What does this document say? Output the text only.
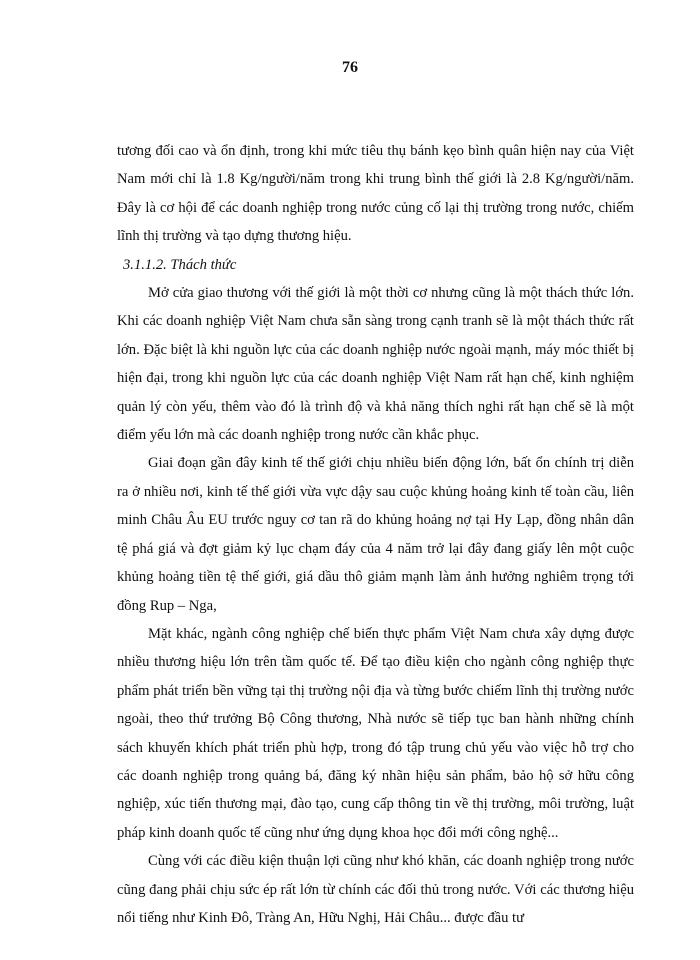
76

tương đối cao và ổn định, trong khi mức tiêu thụ bánh kẹo bình quân hiện nay của Việt Nam mới chỉ là 1.8 Kg/người/năm trong khi trung bình thế giới là 2.8 Kg/người/năm. Đây là cơ hội để các doanh nghiệp trong nước củng cố lại thị trường trong nước, chiếm lĩnh thị trường và tạo dựng thương hiệu.

3.1.1.2. Thách thức

Mở cửa giao thương với thế giới là một thời cơ nhưng cũng là một thách thức lớn. Khi các doanh nghiệp Việt Nam chưa sẵn sàng trong cạnh tranh sẽ là một thách thức rất lớn. Đặc biệt là khi nguồn lực của các doanh nghiệp nước ngoài mạnh, máy móc thiết bị hiện đại, trong khi nguồn lực của các doanh nghiệp Việt Nam rất hạn chế, kinh nghiệm quản lý còn yếu, thêm vào đó là trình độ và khả năng thích nghi rất hạn chế sẽ là một điểm yếu lớn mà các doanh nghiệp trong nước cần khắc phục.

Giai đoạn gần đây kinh tế thế giới chịu nhiều biến động lớn, bất ổn chính trị diễn ra ở nhiều nơi, kinh tế thế giới vừa vực dậy sau cuộc khủng hoảng kinh tế toàn cầu, liên minh Châu Âu EU trước nguy cơ tan rã do khủng hoảng nợ tại Hy Lạp, đồng nhân dân tệ phá giá và đợt giảm kỷ lục chạm đáy của 4 năm trở lại đây đang giấy lên một cuộc khủng hoảng tiền tệ thế giới, giá dầu thô giảm mạnh làm ảnh hưởng nghiêm trọng tới đồng Rup – Nga,

Mặt khác, ngành công nghiệp chế biến thực phẩm Việt Nam chưa xây dựng được nhiều thương hiệu lớn trên tầm quốc tế. Để tạo điều kiện cho ngành công nghiệp thực phẩm phát triển bền vững tại thị trường nội địa và từng bước chiếm lĩnh thị trường nước ngoài, theo thứ trưởng Bộ Công thương, Nhà nước sẽ tiếp tục ban hành những chính sách khuyến khích phát triển phù hợp, trong đó tập trung chủ yếu vào việc hỗ trợ cho các doanh nghiệp trong quảng bá, đăng ký nhãn hiệu sản phẩm, bảo hộ sở hữu công nghiệp, xúc tiến thương mại, đào tạo, cung cấp thông tin về thị trường, môi trường, luật pháp kinh doanh quốc tế cũng như ứng dụng khoa học đổi mới công nghệ...

Cùng với các điều kiện thuận lợi cũng như khó khăn, các doanh nghiệp trong nước cũng đang phải chịu sức ép rất lớn từ chính các đối thủ trong nước. Với các thương hiệu nổi tiếng như Kinh Đô, Tràng An, Hữu Nghị, Hải Châu... được đầu tư
